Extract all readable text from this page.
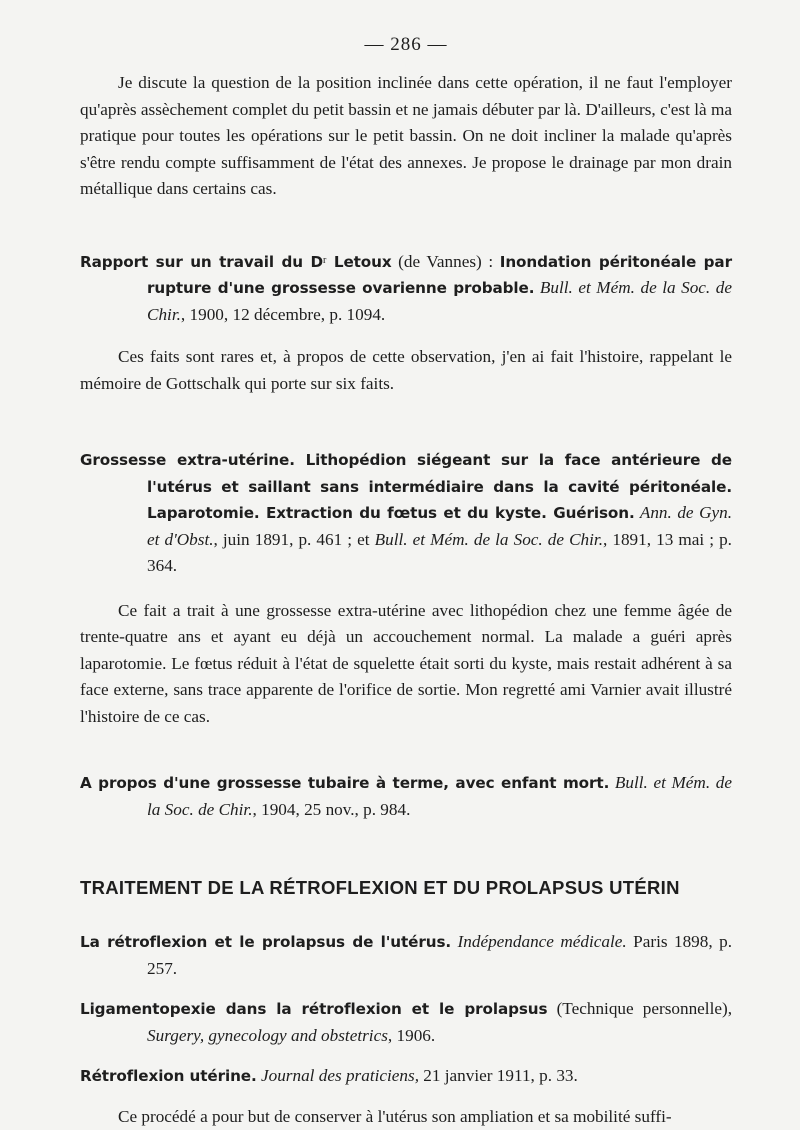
— 286 —

Je discute la question de la position inclinée dans cette opération, il ne faut l'employer qu'après assèchement complet du petit bassin et ne jamais débuter par là. D'ailleurs, c'est là ma pratique pour toutes les opérations sur le petit bassin. On ne doit incliner la malade qu'après s'être rendu compte suffisamment de l'état des annexes. Je propose le drainage par mon drain métallique dans certains cas.

Rapport sur un travail du $D^r$ Letoux (de Vannes) : Inondation péritonéale par rupture d'une grossesse ovarienne probable. Bull. et Mém. de la Soc. de Chir., 1900, 12 décembre, p. 1094.

Ces faits sont rares et, à propos de cette observation, j'en ai fait l'histoire, rappelant le mémoire de Gottschalk qui porte sur six faits.

Grossesse extra-utérine. Lithopédion siégeant sur la face antérieure de l'utérus et saillant sans intermédiaire dans la cavité péritonéale. Laparotomie. Extraction du fœtus et du kyste. Guérison. Ann. de Gyn. et d'Obst., juin 1891, p. 461 ; et Bull. et Mém. de la Soc. de Chir., 1891, 13 mai ; p. 364.

Ce fait a trait à une grossesse extra-utérine avec lithopédion chez une femme âgée de trente-quatre ans et ayant eu déjà un accouchement normal. La malade a guéri après laparotomie. Le fœtus réduit à l'état de squelette était sorti du kyste, mais restait adhérent à sa face externe, sans trace apparente de l'orifice de sortie. Mon regretté ami Varnier avait illustré l'histoire de ce cas.

A propos d'une grossesse tubaire à terme, avec enfant mort. Bull. et Mém. de la Soc. de Chir., 1904, 25 nov., p. 984.
TRAITEMENT DE LA RÉTROFLEXION ET DU PROLAPSUS UTÉRIN
La rétroflexion et le prolapsus de l'utérus. Indépendance médicale. Paris 1898, p. 257.
Ligamentopexie dans la rétroflexion et le prolapsus (Technique personnelle), Surgery, gynecology and obstetrics, 1906.
Rétroflexion utérine. Journal des praticiens, 21 janvier 1911, p. 33.

Ce procédé a pour but de conserver à l'utérus son ampliation et sa mobilité suffi-
